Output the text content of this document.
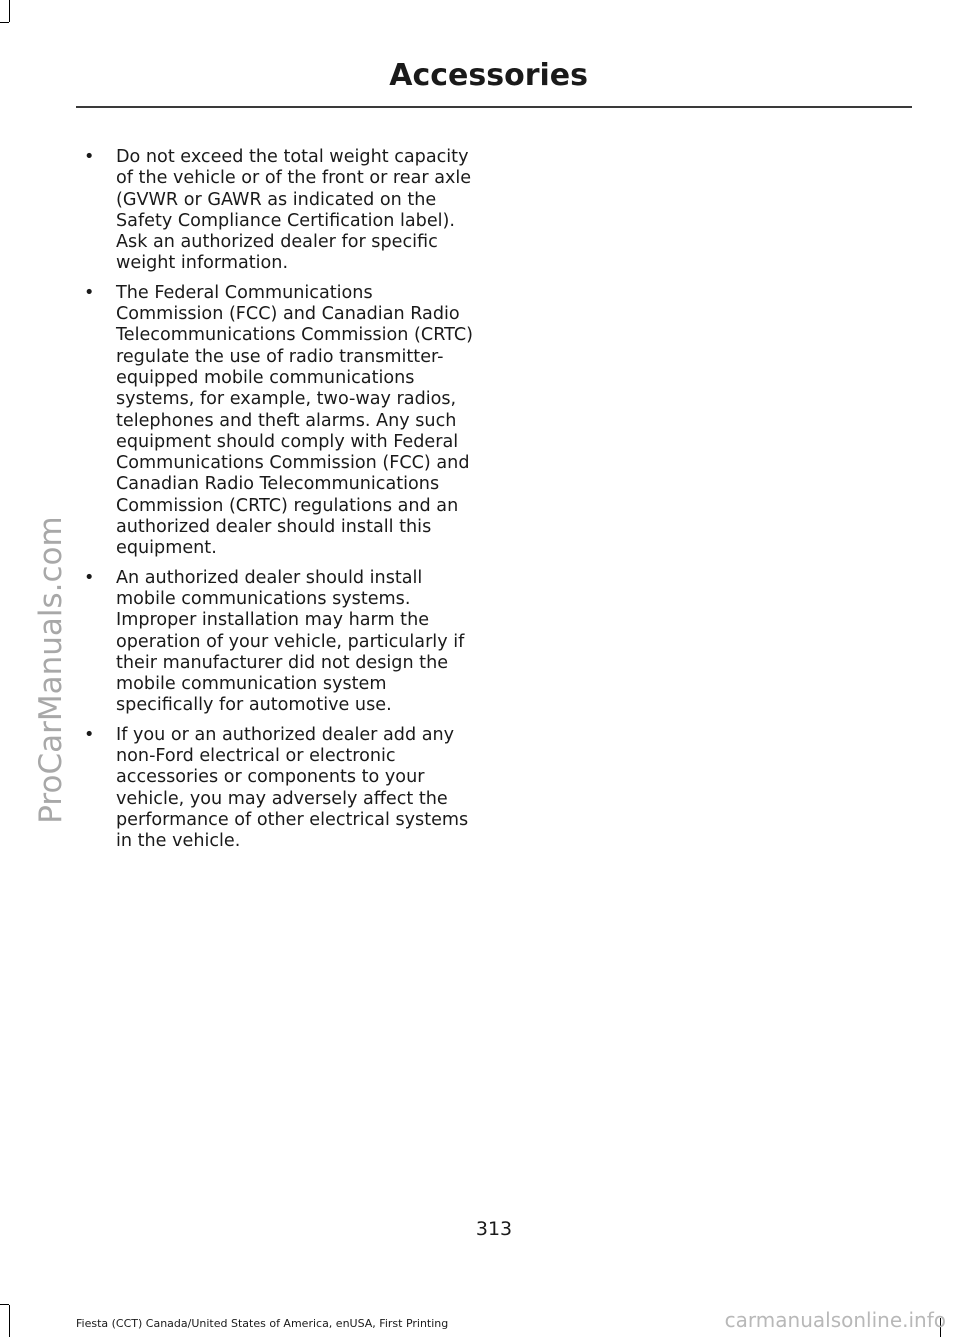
Accessories
ProCarManuals.com
• Do not exceed the total weight capacity of the vehicle or of the front or rear axle (GVWR or GAWR as indicated on the Safety Compliance Certification label). Ask an authorized dealer for specific weight information.
• The Federal Communications Commission (FCC) and Canadian Radio Telecommunications Commission (CRTC) regulate the use of radio transmitter-equipped mobile communications systems, for example, two-way radios, telephones and theft alarms. Any such equipment should comply with Federal Communications Commission (FCC) and Canadian Radio Telecommunications Commission (CRTC) regulations and an authorized dealer should install this equipment.
• An authorized dealer should install mobile communications systems. Improper installation may harm the operation of your vehicle, particularly if their manufacturer did not design the mobile communication system specifically for automotive use.
• If you or an authorized dealer add any non-Ford electrical or electronic accessories or components to your vehicle, you may adversely affect the performance of other electrical systems in the vehicle.
313
Fiesta (CCT) Canada/United States of America, enUSA, First Printing	carmanualsonline.info
